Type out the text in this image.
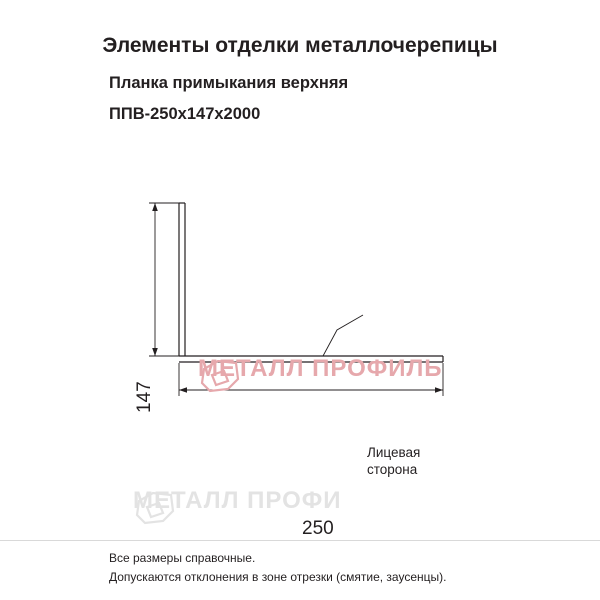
Элементы отделки металлочерепицы
Планка примыкания верхняя
ППВ-250х147х2000
МЕТАЛЛ ПРОФИЛЬ
МЕТАЛЛ ПРОФИ
147
250
Лицевая
сторона
Все размеры справочные.
Допускаются отклонения в зоне отрезки (смятие, заусенцы).
